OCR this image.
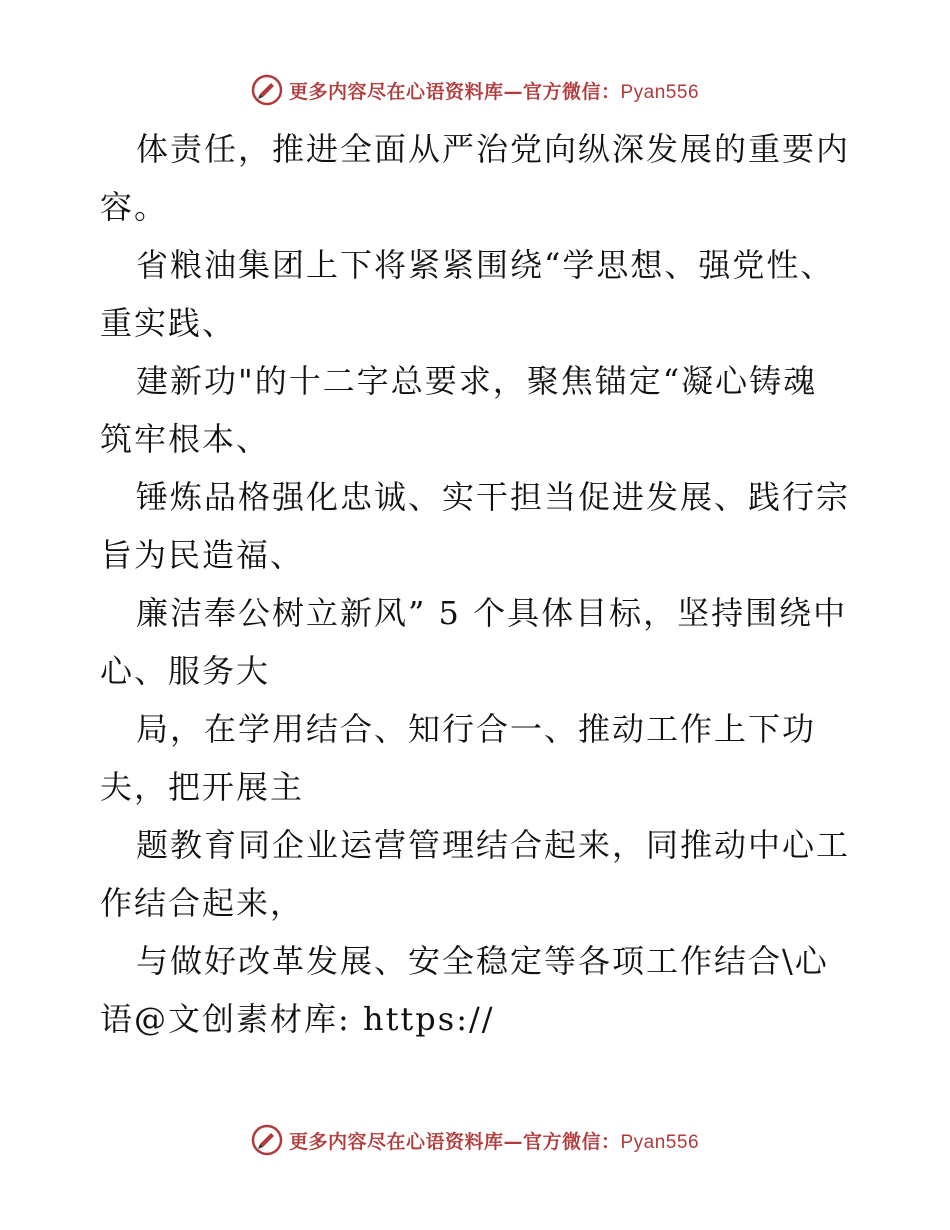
更多内容尽在心语资料库—官方微信：Pyan556
体责任，推进全面从严治党向纵深发展的重要内
容。
省粮油集团上下将紧紧围绕“学思想、强党性、
重实践、
建新功"的十二字总要求，聚焦锚定“凝心铸魂
筑牢根本、
锤炼品格强化忠诚、实干担当促进发展、践行宗
旨为民造福、
廉洁奉公树立新风” 5 个具体目标，坚持围绕中
心、服务大
局，在学用结合、知行合一、推动工作上下功
夫，把开展主
题教育同企业运营管理结合起来，同推动中心工
作结合起来，
与做好改革发展、安全稳定等各项工作结合\心
语@文创素材库: https://
更多内容尽在心语资料库—官方微信：Pyan556
